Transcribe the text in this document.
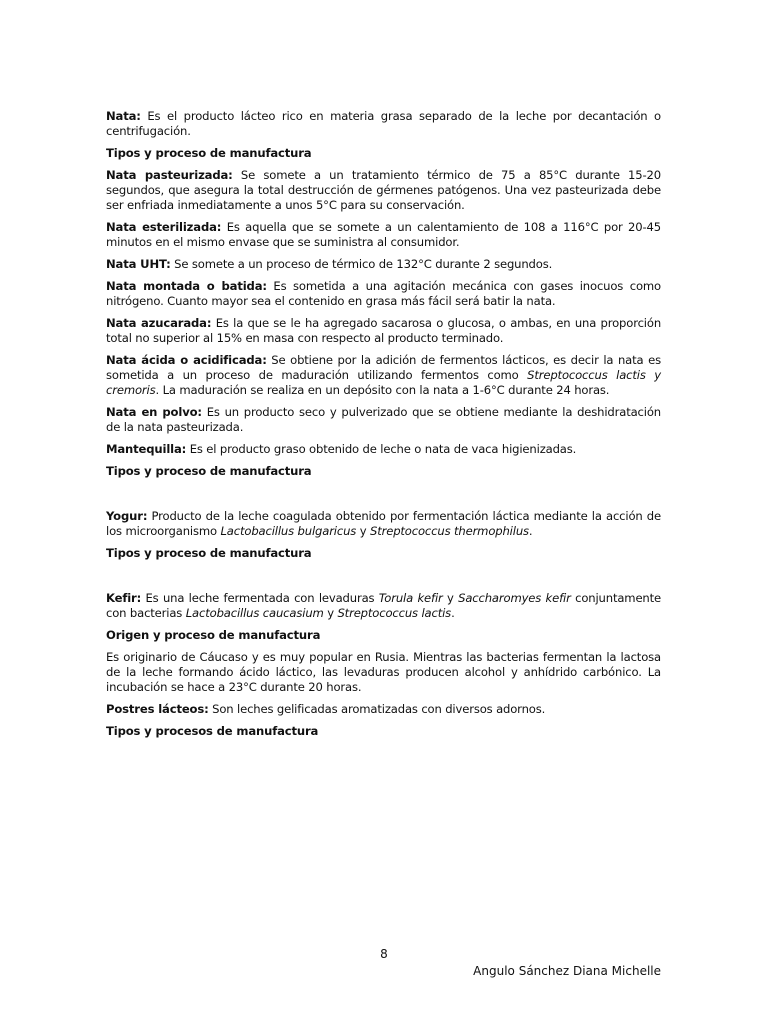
Nata: Es el producto lácteo rico en materia grasa separado de la leche por decantación o centrifugación.

Tipos y proceso de manufactura

Nata pasteurizada: Se somete a un tratamiento térmico de 75 a 85°C durante 15-20 segundos, que asegura la total destrucción de gérmenes patógenos. Una vez pasteurizada debe ser enfriada inmediatamente a unos 5°C para su conservación.

Nata esterilizada: Es aquella que se somete a un calentamiento de 108 a 116°C por 20-45 minutos en el mismo envase que se suministra al consumidor.

Nata UHT: Se somete a un proceso de térmico de 132°C durante 2 segundos.

Nata montada o batida: Es sometida a una agitación mecánica con gases inocuos como nitrógeno. Cuanto mayor sea el contenido en grasa más fácil será batir la nata.

Nata azucarada: Es la que se le ha agregado sacarosa o glucosa, o ambas, en una proporción total no superior al 15% en masa con respecto al producto terminado.

Nata ácida o acidificada: Se obtiene por la adición de fermentos lácticos, es decir la nata es sometida a un proceso de maduración utilizando fermentos como Streptococcus lactis y cremoris. La maduración se realiza en un depósito con la nata a 1-6°C durante 24 horas.

Nata en polvo: Es un producto seco y pulverizado que se obtiene mediante la deshidratación de la nata pasteurizada.

Mantequilla: Es el producto graso obtenido de leche o nata de vaca higienizadas.

Tipos y proceso de manufactura

Yogur: Producto de la leche coagulada obtenido por fermentación láctica mediante la acción de los microorganismo Lactobacillus bulgaricus y Streptococcus thermophilus.

Tipos y proceso de manufactura

Kefir: Es una leche fermentada con levaduras Torula kefir y Saccharomyes kefir conjuntamente con bacterias Lactobacillus caucasium y Streptococcus lactis.

Origen y proceso de manufactura

Es originario de Cáucaso y es muy popular en Rusia. Mientras las bacterias fermentan la lactosa de la leche formando ácido láctico, las levaduras producen alcohol y anhídrido carbónico. La incubación se hace a 23°C durante 20 horas.

Postres lácteos: Son leches gelificadas aromatizadas con diversos adornos.

Tipos y procesos de manufactura

8
Angulo Sánchez Diana Michelle
